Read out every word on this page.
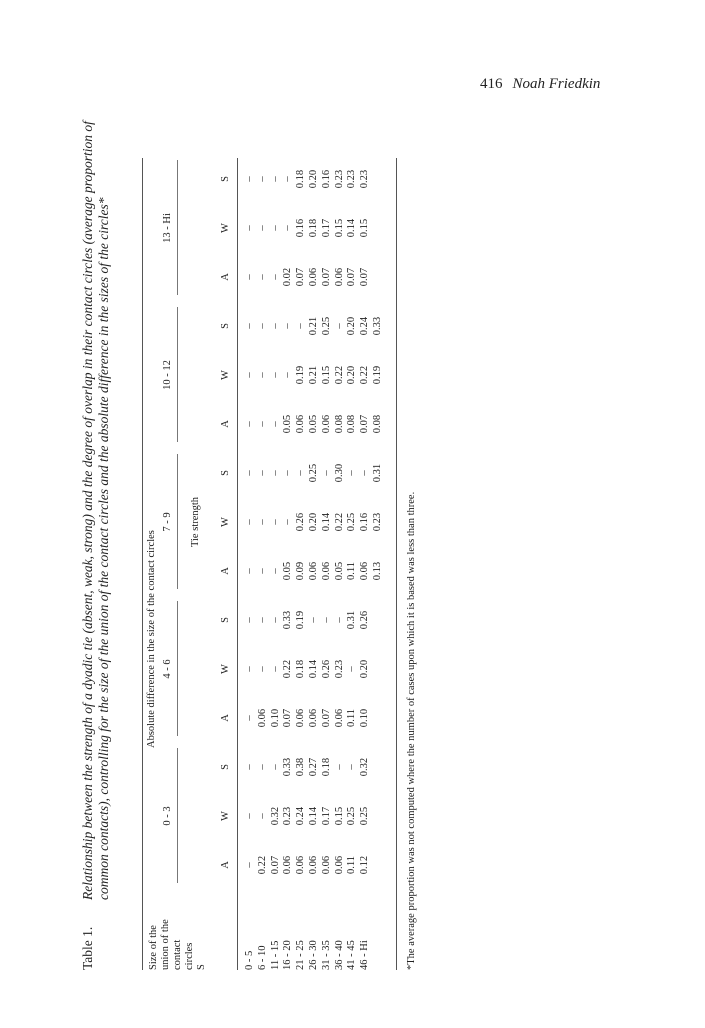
416 Noah Friedkin
Table 1.
Relationship between the strength of a dyadic tie (absent, weak, strong) and the degree of overlap in their contact circles (average proportion of common contacts), controlling for the size of the union of the contact circles and the absolute difference in the sizes of the circles*
Size of the union of the contact circles S
Absolute difference in the size of the contact circles
0 - 3
4 - 6
7 - 9
10 - 12
13 - Hi
Tie strength
A
W
S
A
W
S
A
W
S
A
W
S
A
W
S
0 - 5
–
–
–
–
–
–
–
–
–
–
–
–
–
–
–
6 - 10
0.22
–
–
0.06
–
–
–
–
–
–
–
–
–
–
–
11 - 15
0.07
0.32
–
0.10
–
–
–
–
–
–
–
–
–
–
–
16 - 20
0.06
0.23
0.33
0.07
0.22
0.33
0.05
–
–
0.05
–
–
0.02
–
–
21 - 25
0.06
0.24
0.38
0.06
0.18
0.19
0.09
0.26
–
0.06
0.19
–
0.07
0.16
0.18
26 - 30
0.06
0.14
0.27
0.06
0.14
–
0.06
0.20
0.25
0.05
0.21
0.21
0.06
0.18
0.20
31 - 35
0.06
0.17
0.18
0.07
0.26
–
0.06
0.14
–
0.06
0.15
0.25
0.07
0.17
0.16
36 - 40
0.06
0.15
–
0.06
0.23
–
0.05
0.22
0.30
0.08
0.22
–
0.06
0.15
0.23
41 - 45
0.11
0.25
–
0.11
–
0.31
0.11
0.25
–
0.08
0.20
0.20
0.07
0.14
0.23
46 - Hi
0.12
0.25
0.32
0.10
0.20
0.26
0.06
0.16
–
0.07
0.22
0.24
0.07
0.15
0.23
0.13
0.23
0.31
0.08
0.19
0.33
*The average proportion was not computed where the number of cases upon which it is based was less than three.
